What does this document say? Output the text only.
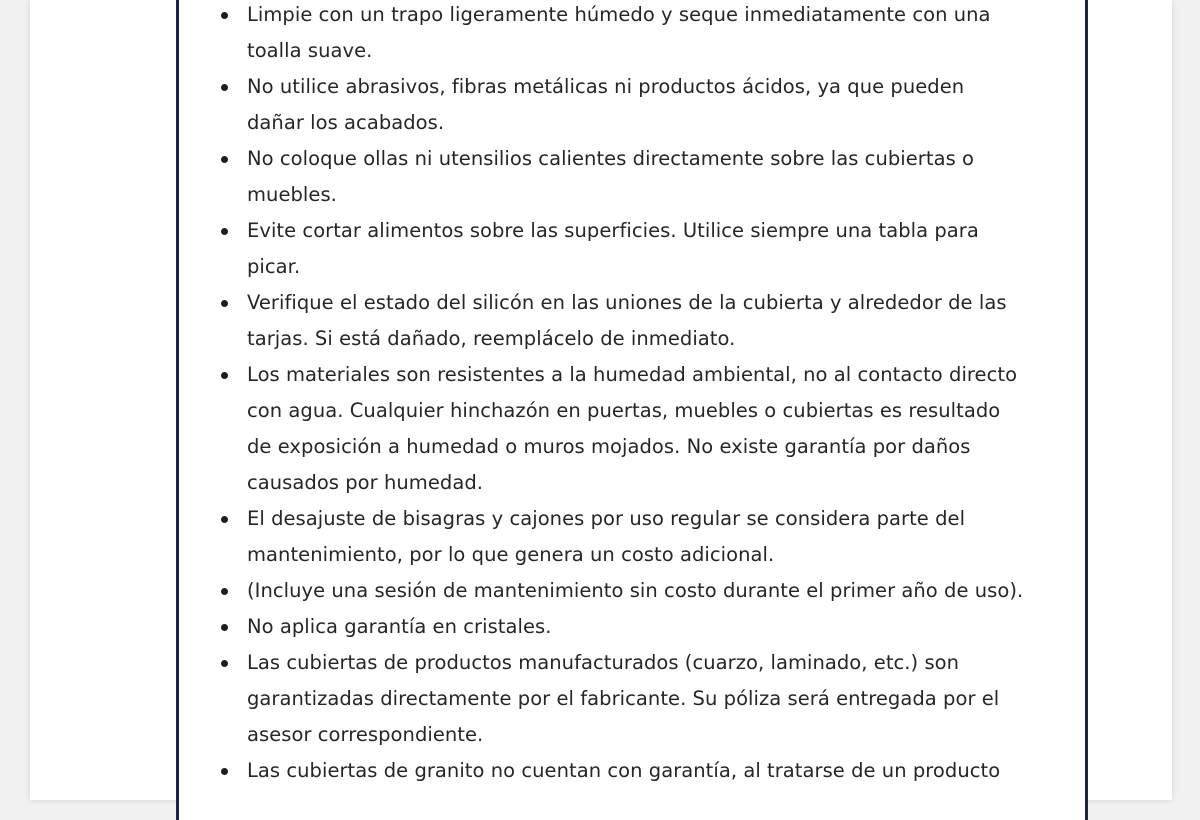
Limpie con un trapo ligeramente húmedo y seque inmediatamente con una
toalla suave.
No utilice abrasivos, fibras metálicas ni productos ácidos, ya que pueden
dañar los acabados.
No coloque ollas ni utensilios calientes directamente sobre las cubiertas o
muebles.
Evite cortar alimentos sobre las superficies. Utilice siempre una tabla para
picar.
Verifique el estado del silicón en las uniones de la cubierta y alrededor de las
tarjas. Si está dañado, reemplácelo de inmediato.
Los materiales son resistentes a la humedad ambiental, no al contacto directo
con agua. Cualquier hinchazón en puertas, muebles o cubiertas es resultado
de exposición a humedad o muros mojados. No existe garantía por daños
causados por humedad.
El desajuste de bisagras y cajones por uso regular se considera parte del
mantenimiento, por lo que genera un costo adicional.
(Incluye una sesión de mantenimiento sin costo durante el primer año de uso).
No aplica garantía en cristales.
Las cubiertas de productos manufacturados (cuarzo, laminado, etc.) son
garantizadas directamente por el fabricante. Su póliza será entregada por el
asesor correspondiente.
Las cubiertas de granito no cuentan con garantía, al tratarse de un producto
